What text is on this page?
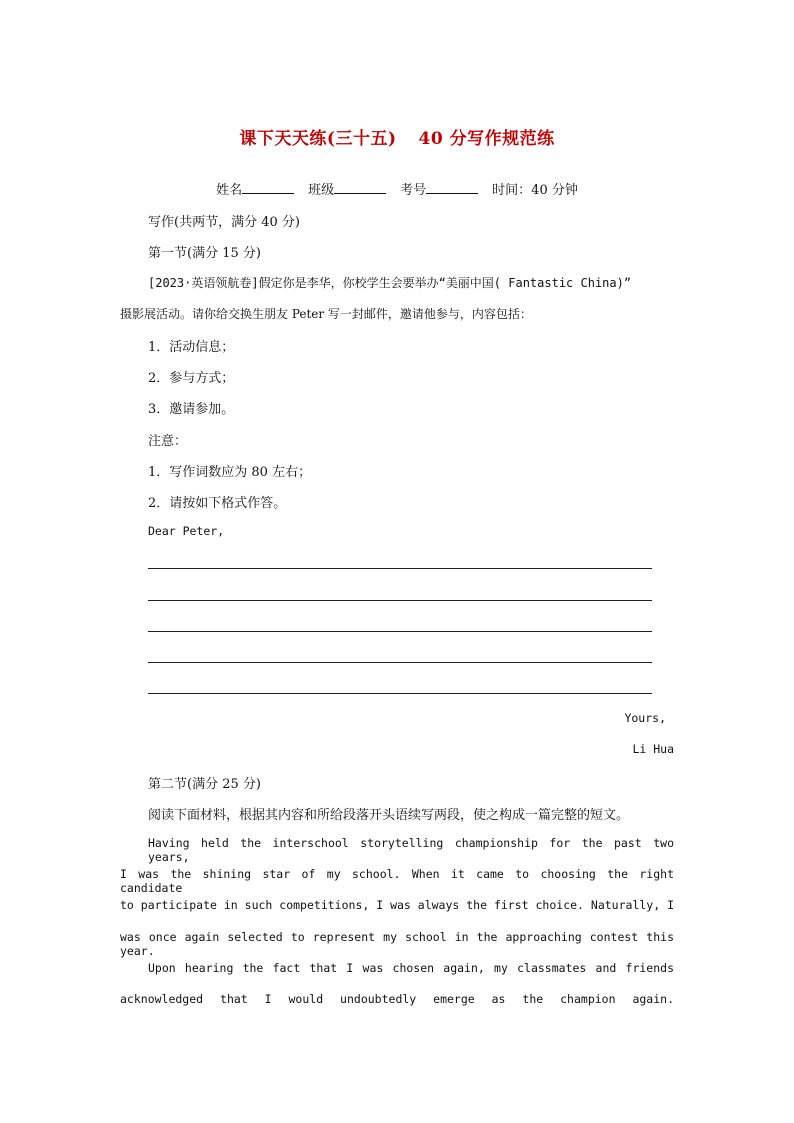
课下天天练(三十五) 40 分写作规范练
姓名	班级	考号	时间：40 分钟
写作(共两节，满分 40 分)
第一节(满分 15 分)
[2023·英语领航卷]假定你是李华，你校学生会要举办“美丽中国( Fantastic China)”
摄影展活动。请你给交换生朋友 Peter 写一封邮件，邀请他参与，内容包括：
1．活动信息；
2．参与方式；
3．邀请参加。
注意：
1．写作词数应为 80 左右；
2．请按如下格式作答。
Dear Peter,
Yours,
Li Hua
第二节(满分 25 分)
阅读下面材料，根据其内容和所给段落开头语续写两段，使之构成一篇完整的短文。
Having held the interschool storytelling championship for the past two years,
I was the shining star of my school. When it came to choosing the right candidate
to participate in such competitions, I was always the first choice. Naturally, I
was once again selected to represent my school in the approaching contest this year.
Upon hearing the fact that I was chosen again, my classmates and friends
acknowledged that I would undoubtedly emerge as the champion again.
